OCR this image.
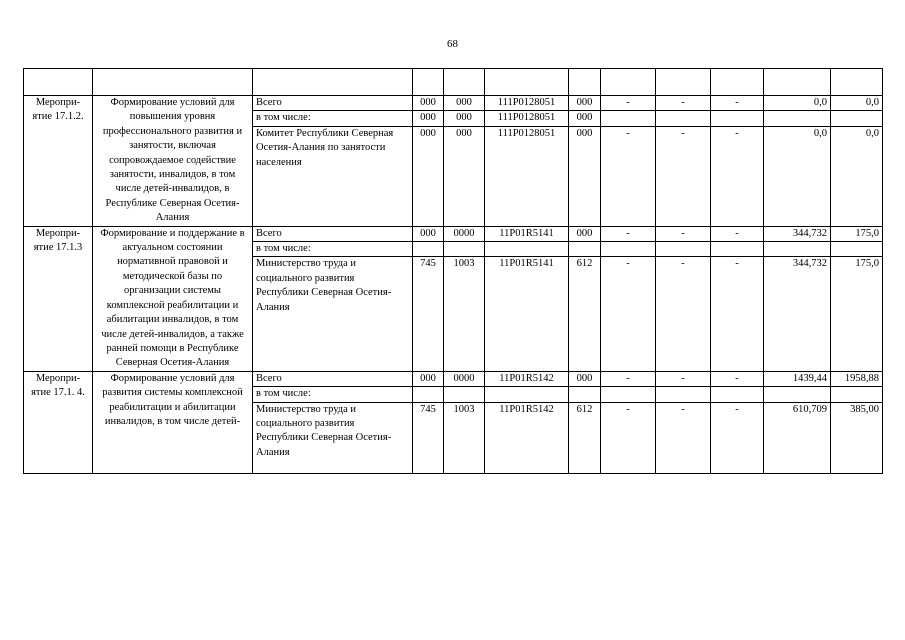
68

Меропри-ятие 17.1.2.	Формирование условий для повышения уровня профессионального развития и занятости, включая сопровождаемое содействие занятости, инвалидов, в том числе детей-инвалидов, в Республике Северная Осетия-Алания	Всего	000	000	111P0128051	000	-	-	-	0,0	0,0
		в том числе:	000	000	111P0128051	000					
		Комитет Республики Северная Осетия-Алания по занятости населения	000	000	111P0128051	000	-	-	-	0,0	0,0
Меропри-ятие 17.1.3	Формирование и поддержание в актуальном состоянии нормативной правовой и методической базы по организации системы комплексной реабилитации и абилитации инвалидов, в том числе детей-инвалидов, а также ранней помощи в Республике Северная Осетия-Алания	Всего	000	0000	11P01R5141	000	-	-	-	344,732	175,0
		в том числе:									
		Министерство труда и социального развития Республики Северная Осетия-Алания	745	1003	11P01R5141	612	-	-	-	344,732	175,0
Меропри-ятие 17.1. 4.	Формирование условий для развития системы комплексной реабилитации и абилитации инвалидов, в том числе детей-	Всего	000	0000	11P01R5142	000	-	-	-	1439,44	1958,88
		в том числе:									
		Министерство труда и социального развития Республики Северная Осетия-Алания	745	1003	11P01R5142	612	-	-	-	610,709	385,00
